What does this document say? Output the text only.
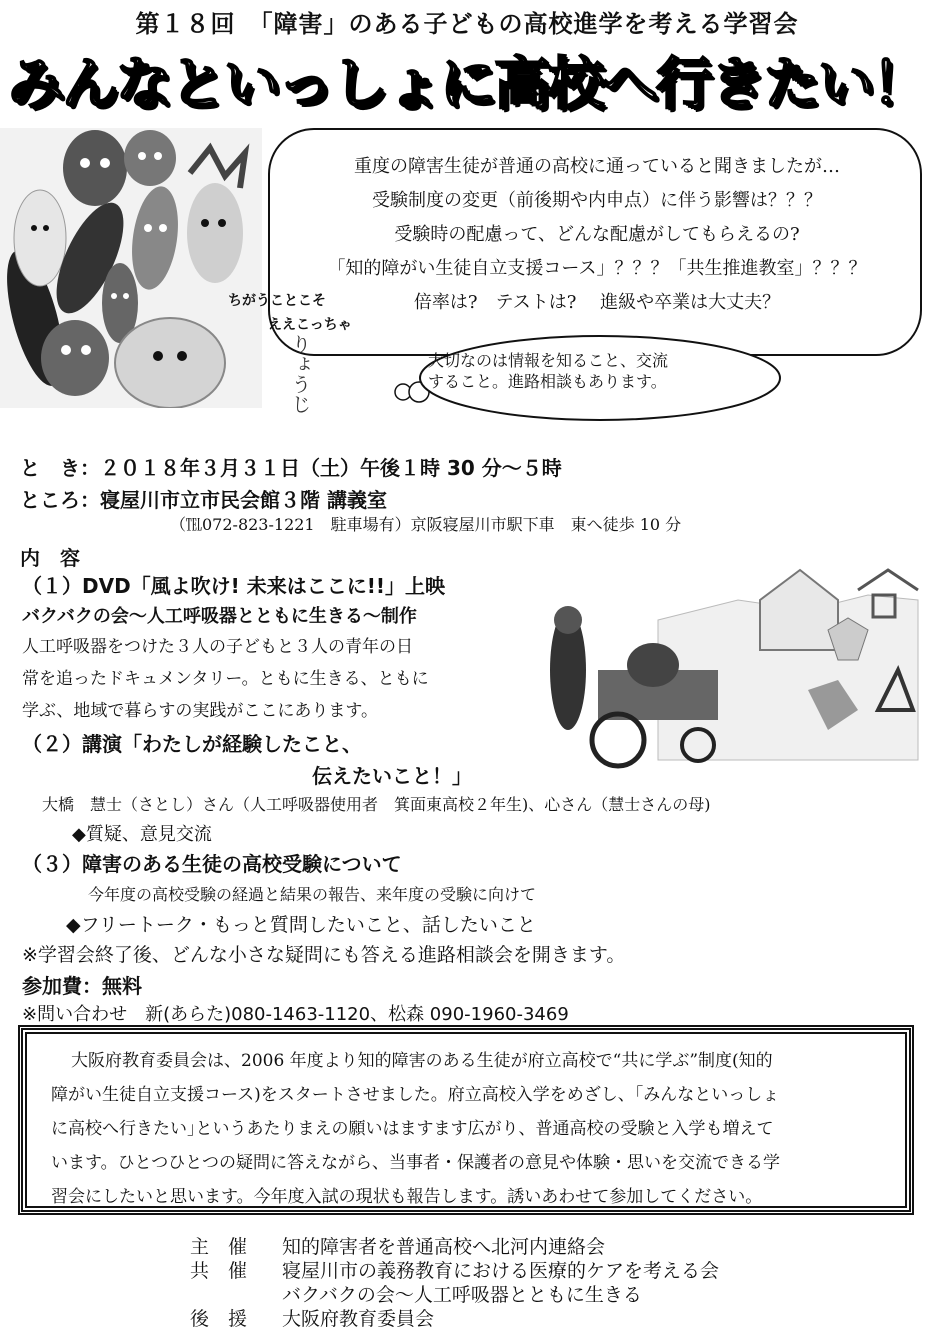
第１８回　「障害」のある子どもの高校進学を考える学習会
みんなといっしょに高校へ行きたい！
重度の障害生徒が普通の高校に通っていると聞きましたが…
受験制度の変更（前後期や内申点）に伴う影響は？？？
受験時の配慮って、どんな配慮がしてもらえるの?
「知的障がい生徒自立支援コース」？？？「共生推進教室」？？？
倍率は?　テストは?　 進級や卒業は大丈夫？
ちがうことこそ
ええこっちゃ
りょうじ	大切なのは情報を知ること、交流
すること。進路相談もあります。
と　き：２０１８年３月３１日（土）午後１時 30 分～５時
ところ：寝屋川市立市民会館３階 講義室
（℡072-823-1221　駐車場有）京阪寝屋川市駅下車　東へ徒歩 10 分
内　容
（１）DVD「風よ吹け! 未来はここに!!」上映
バクバクの会～人工呼吸器とともに生きる～制作
人工呼吸器をつけた３人の子どもと３人の青年の日
常を追ったドキュメンタリー。ともに生きる、ともに
学ぶ、地域で暮らすの実践がここにあります。
（２）講演「わたしが経験したこと、
伝えたいこと！」
大橋　慧士（さとし）さん（人工呼吸器使用者　箕面東高校２年生)、心さん（慧士さんの母)
◆質疑、意見交流
（３）障害のある生徒の高校受験について
今年度の高校受験の経過と結果の報告、来年度の受験に向けて
◆フリートーク・もっと質問したいこと、話したいこと
※学習会終了後、どんな小さな疑問にも答える進路相談会を開きます。
参加費：無料
※問い合わせ　新(あらた)080-1463-1120、松森 090-1960-3469
大阪府教育委員会は、2006 年度より知的障害のある生徒が府立高校で“共に学ぶ”制度(知的
障がい生徒自立支援コース)をスタートさせました。府立高校入学をめざし、｢みんなといっしょ
に高校へ行きたい｣というあたりまえの願いはますます広がり、普通高校の受験と入学も増えて
います。ひとつひとつの疑問に答えながら、当事者・保護者の意見や体験・思いを交流できる学
習会にしたいと思います。今年度入試の現状も報告します。誘いあわせて参加してください。
主　催 知的障害者を普通高校へ北河内連絡会
共　催 寝屋川市の義務教育における医療的ケアを考える会
バクバクの会～人工呼吸器とともに生きる
後　援 大阪府教育委員会
